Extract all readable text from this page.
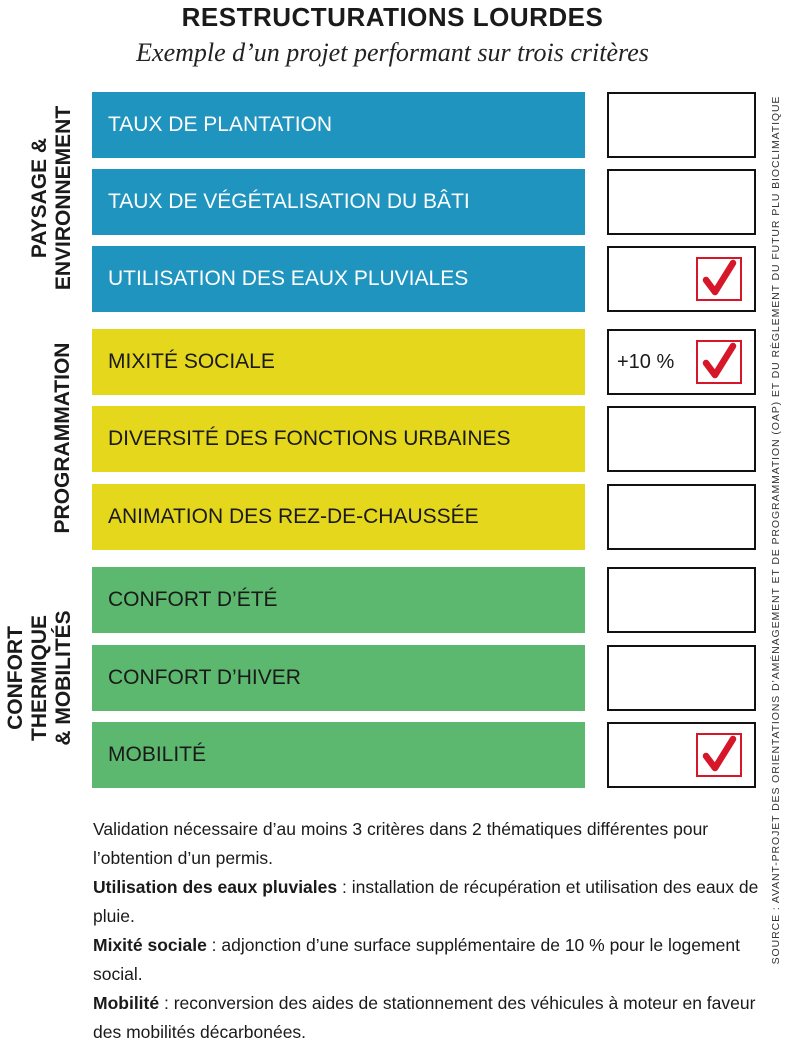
RESTRUCTURATIONS LOURDES
Exemple d’un projet performant sur trois critères
PAYSAGE & ENVIRONNEMENT
PROGRAMMATION
CONFORT THERMIQUE & MOBILITÉS
TAUX DE PLANTATION
TAUX DE VÉGÉTALISATION DU BÂTI
UTILISATION DES EAUX PLUVIALES
MIXITÉ SOCIALE	+10 %
DIVERSITÉ DES FONCTIONS URBAINES
ANIMATION DES REZ-DE-CHAUSSÉE
CONFORT D’ÉTÉ
CONFORT D’HIVER
MOBILITÉ

Validation nécessaire d’au moins 3 critères dans 2 thématiques différentes pour l’obtention d’un permis.

Utilisation des eaux pluviales : installation de récupération et utilisation des eaux de pluie.

Mixité sociale : adjonction d’une surface supplémentaire de 10 % pour le logement social.

Mobilité : reconversion des aides de stationnement des véhicules à moteur en faveur des mobilités décarbonées.

SOURCE : AVANT-PROJET DES ORIENTATIONS D’AMÉNAGEMENT ET DE PROGRAMMATION (OAP) ET DU RÈGLEMENT DU FUTUR PLU BIOCLIMATIQUE
